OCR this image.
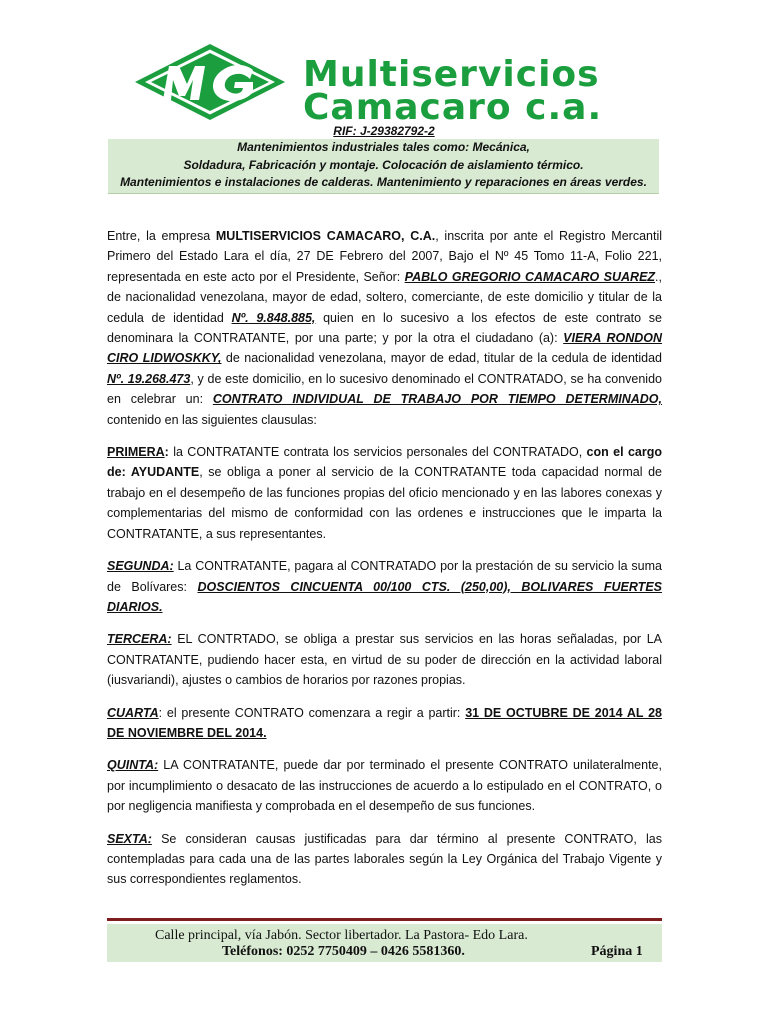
Multiservicios
Camacaro c.a.
RIF: J-29382792-2
Mantenimientos industriales tales como: Mecánica,
Soldadura, Fabricación y montaje. Colocación de aislamiento térmico.
Mantenimientos e instalaciones de calderas. Mantenimiento y reparaciones en áreas verdes.

Entre, la empresa MULTISERVICIOS CAMACARO, C.A., inscrita por ante el Registro Mercantil Primero del Estado Lara el día, 27 DE Febrero del 2007, Bajo el Nº 45 Tomo 11-A, Folio 221, representada en este acto por el Presidente, Señor: PABLO GREGORIO CAMACARO SUAREZ., de nacionalidad venezolana, mayor de edad, soltero, comerciante, de este domicilio y titular de la cedula de identidad Nº. 9.848.885, quien en lo sucesivo a los efectos de este contrato se denominara la CONTRATANTE, por una parte; y por la otra el ciudadano (a): VIERA RONDON CIRO LIDWOSKKY, de nacionalidad venezolana, mayor de edad, titular de la cedula de identidad Nº. 19.268.473, y de este domicilio, en lo sucesivo denominado el CONTRATADO, se ha convenido en celebrar un: CONTRATO INDIVIDUAL DE TRABAJO POR TIEMPO DETERMINADO, contenido en las siguientes clausulas:

PRIMERA: la CONTRATANTE contrata los servicios personales del CONTRATADO, con el cargo de: AYUDANTE, se obliga a poner al servicio de la CONTRATANTE toda capacidad normal de trabajo en el desempeño de las funciones propias del oficio mencionado y en las labores conexas y complementarias del mismo de conformidad con las ordenes e instrucciones que le imparta la CONTRATANTE, a sus representantes.

SEGUNDA: La CONTRATANTE, pagara al CONTRATADO por la prestación de su servicio la suma de Bolívares: DOSCIENTOS CINCUENTA 00/100 CTS. (250,00), BOLIVARES FUERTES DIARIOS.

TERCERA: EL CONTRTADO, se obliga a prestar sus servicios en las horas señaladas, por LA CONTRATANTE, pudiendo hacer esta, en virtud de su poder de dirección en la actividad laboral (iusvariandi), ajustes o cambios de horarios por razones propias.

CUARTA: el presente CONTRATO comenzara a regir a partir: 31 DE OCTUBRE DE 2014 AL 28 DE NOVIEMBRE DEL 2014.

QUINTA: LA CONTRATANTE, puede dar por terminado el presente CONTRATO unilateralmente, por incumplimiento o desacato de las instrucciones de acuerdo a lo estipulado en el CONTRATO, o por negligencia manifiesta y comprobada en el desempeño de sus funciones.

SEXTA: Se consideran causas justificadas para dar término al presente CONTRATO, las contempladas para cada una de las partes laborales según la Ley Orgánica del Trabajo Vigente y sus correspondientes reglamentos.

Calle principal, vía Jabón. Sector libertador. La Pastora- Edo Lara.
Teléfonos: 0252 7750409 – 0426 5581360.	Página 1
